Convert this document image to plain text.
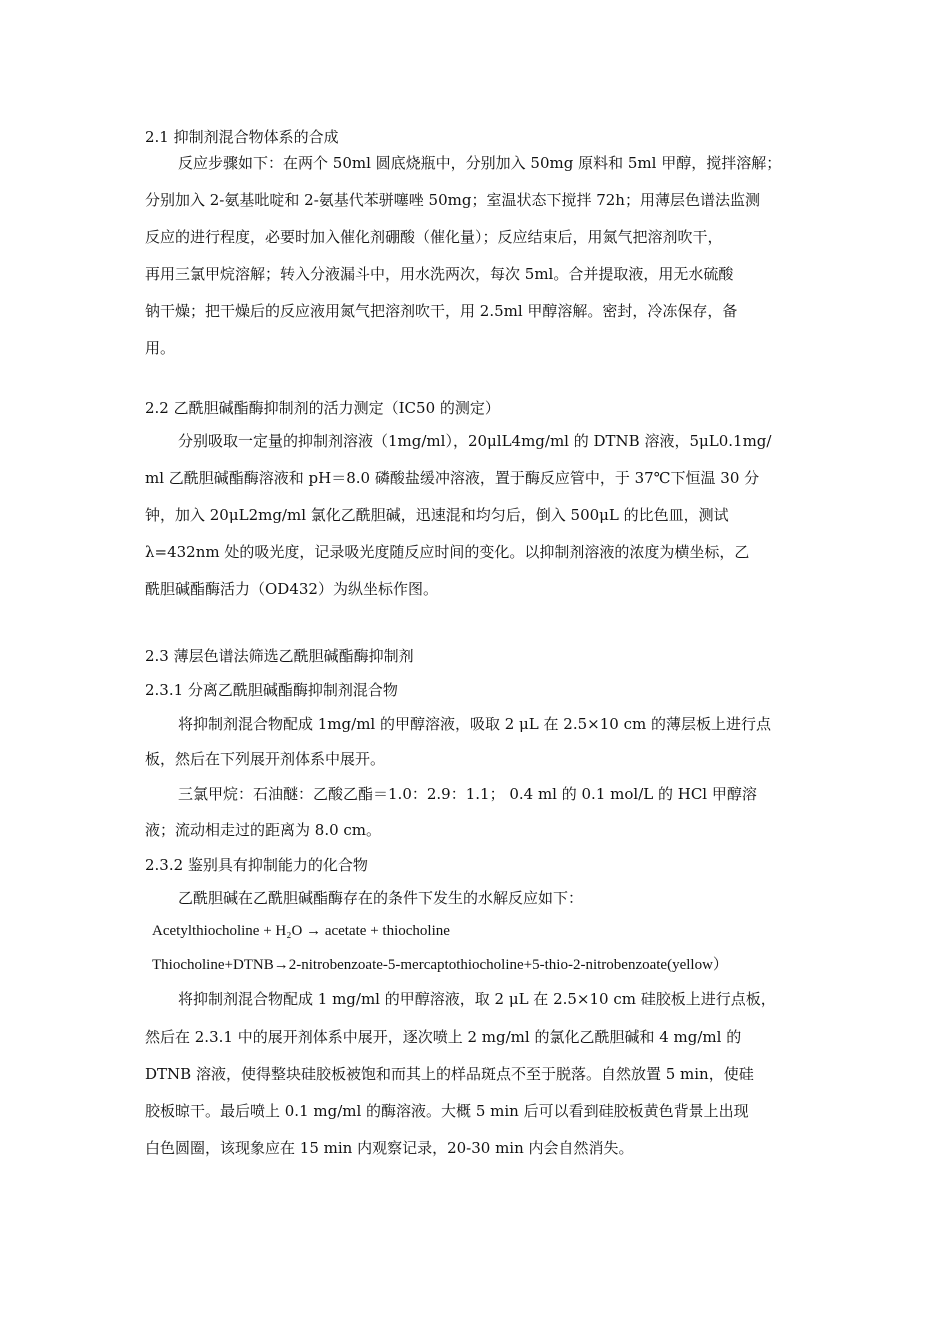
2.1 抑制剂混合物体系的合成
反应步骤如下：在两个 50ml 圆底烧瓶中，分别加入 50mg 原料和 5ml 甲醇，搅拌溶解；
分别加入 2-氨基吡啶和 2-氨基代苯骈噻唑 50mg；室温状态下搅拌 72h；用薄层色谱法监测
反应的进行程度，必要时加入催化剂硼酸（催化量）；反应结束后，用氮气把溶剂吹干，
再用三氯甲烷溶解；转入分液漏斗中，用水洗两次，每次 5ml。合并提取液，用无水硫酸
钠干燥；把干燥后的反应液用氮气把溶剂吹干，用 2.5ml 甲醇溶解。密封，冷冻保存，备
用。
2.2 乙酰胆碱酯酶抑制剂的活力测定（IC50 的测定）
分别吸取一定量的抑制剂溶液（1mg/ml），20μlL4mg/ml 的 DTNB 溶液，5μL0.1mg/
ml 乙酰胆碱酯酶溶液和 pH＝8.0 磷酸盐缓冲溶液，置于酶反应管中，于 37℃下恒温 30 分
钟，加入 20μL2mg/ml 氯化乙酰胆碱，迅速混和均匀后，倒入 500μL 的比色皿，测试
λ=432nm 处的吸光度，记录吸光度随反应时间的变化。以抑制剂溶液的浓度为横坐标，乙
酰胆碱酯酶活力（OD432）为纵坐标作图。
2.3 薄层色谱法筛选乙酰胆碱酯酶抑制剂
2.3.1 分离乙酰胆碱酯酶抑制剂混合物
将抑制剂混合物配成 1mg/ml 的甲醇溶液，吸取 2 μL 在 2.5×10 cm 的薄层板上进行点
板，然后在下列展开剂体系中展开。
三氯甲烷：石油醚：乙酸乙酯＝1.0：2.9：1.1； 0.4 ml 的 0.1 mol/L 的 HCl 甲醇溶
液；流动相走过的距离为 8.0 cm。
2.3.2 鉴别具有抑制能力的化合物
乙酰胆碱在乙酰胆碱酯酶存在的条件下发生的水解反应如下：
Acetylthiocholine + H₂O → acetate + thiocholine
Thiocholine+DTNB→2-nitrobenzoate-5-mercaptothiocholine+5-thio-2-nitrobenzoate(yellow）
将抑制剂混合物配成 1 mg/ml 的甲醇溶液，取 2 μL 在 2.5×10 cm 硅胶板上进行点板，
然后在 2.3.1 中的展开剂体系中展开，逐次喷上 2 mg/ml 的氯化乙酰胆碱和 4 mg/ml 的
DTNB 溶液，使得整块硅胶板被饱和而其上的样品斑点不至于脱落。自然放置 5 min，使硅
胶板晾干。最后喷上 0.1 mg/ml 的酶溶液。大概 5 min 后可以看到硅胶板黄色背景上出现
白色圆圈，该现象应在 15 min 内观察记录，20-30 min 内会自然消失。
